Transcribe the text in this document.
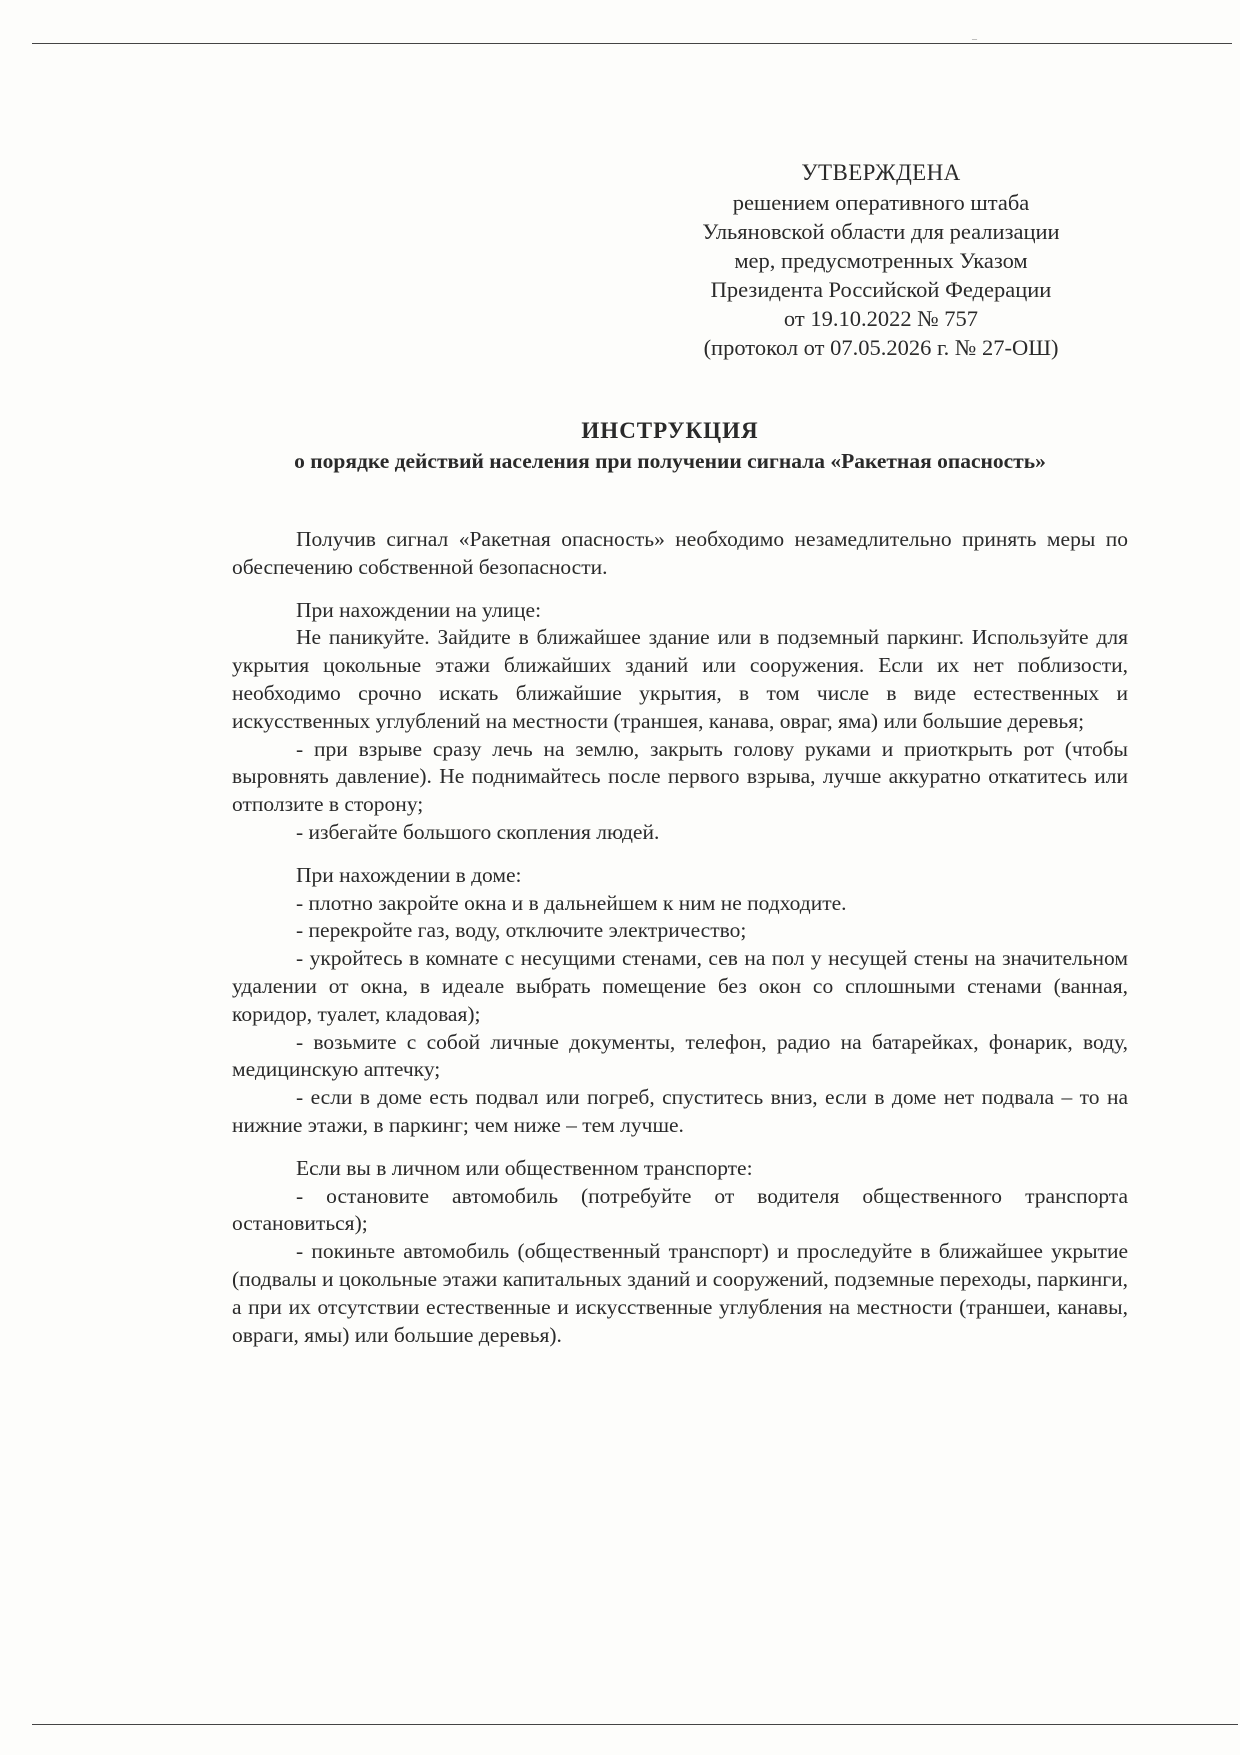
–
УТВЕРЖДЕНА
решением оперативного штаба
Ульяновской области для реализации
мер, предусмотренных Указом
Президента Российской Федерации
от 19.10.2022 № 757
(протокол от 07.05.2026 г. № 27-ОШ)
ИНСТРУКЦИЯ
о порядке действий населения при получении сигнала «Ракетная опасность»

Получив сигнал «Ракетная опасность» необходимо незамедлительно принять меры по обеспечению собственной безопасности.

При нахождении на улице:

Не паникуйте. Зайдите в ближайшее здание или в подземный паркинг. Используйте для укрытия цокольные этажи ближайших зданий или сооружения. Если их нет поблизости, необходимо срочно искать ближайшие укрытия, в том числе в виде естественных и искусственных углублений на местности (траншея, канава, овраг, яма) или большие деревья;

- при взрыве сразу лечь на землю, закрыть голову руками и приоткрыть рот (чтобы выровнять давление). Не поднимайтесь после первого взрыва, лучше аккуратно откатитесь или отползите в сторону;

- избегайте большого скопления людей.

При нахождении в доме:

- плотно закройте окна и в дальнейшем к ним не подходите.

- перекройте газ, воду, отключите электричество;

- укройтесь в комнате с несущими стенами, сев на пол у несущей стены на значительном удалении от окна, в идеале выбрать помещение без окон со сплошными стенами (ванная, коридор, туалет, кладовая);

- возьмите с собой личные документы, телефон, радио на батарейках, фонарик, воду, медицинскую аптечку;

- если в доме есть подвал или погреб, спуститесь вниз, если в доме нет подвала – то на нижние этажи, в паркинг; чем ниже – тем лучше.

Если вы в личном или общественном транспорте:

- остановите автомобиль (потребуйте от водителя общественного транспорта остановиться);

- покиньте автомобиль (общественный транспорт) и проследуйте в ближайшее укрытие (подвалы и цокольные этажи капитальных зданий и сооружений, подземные переходы, паркинги, а при их отсутствии естественные и искусственные углубления на местности (траншеи, канавы, овраги, ямы) или большие деревья).
